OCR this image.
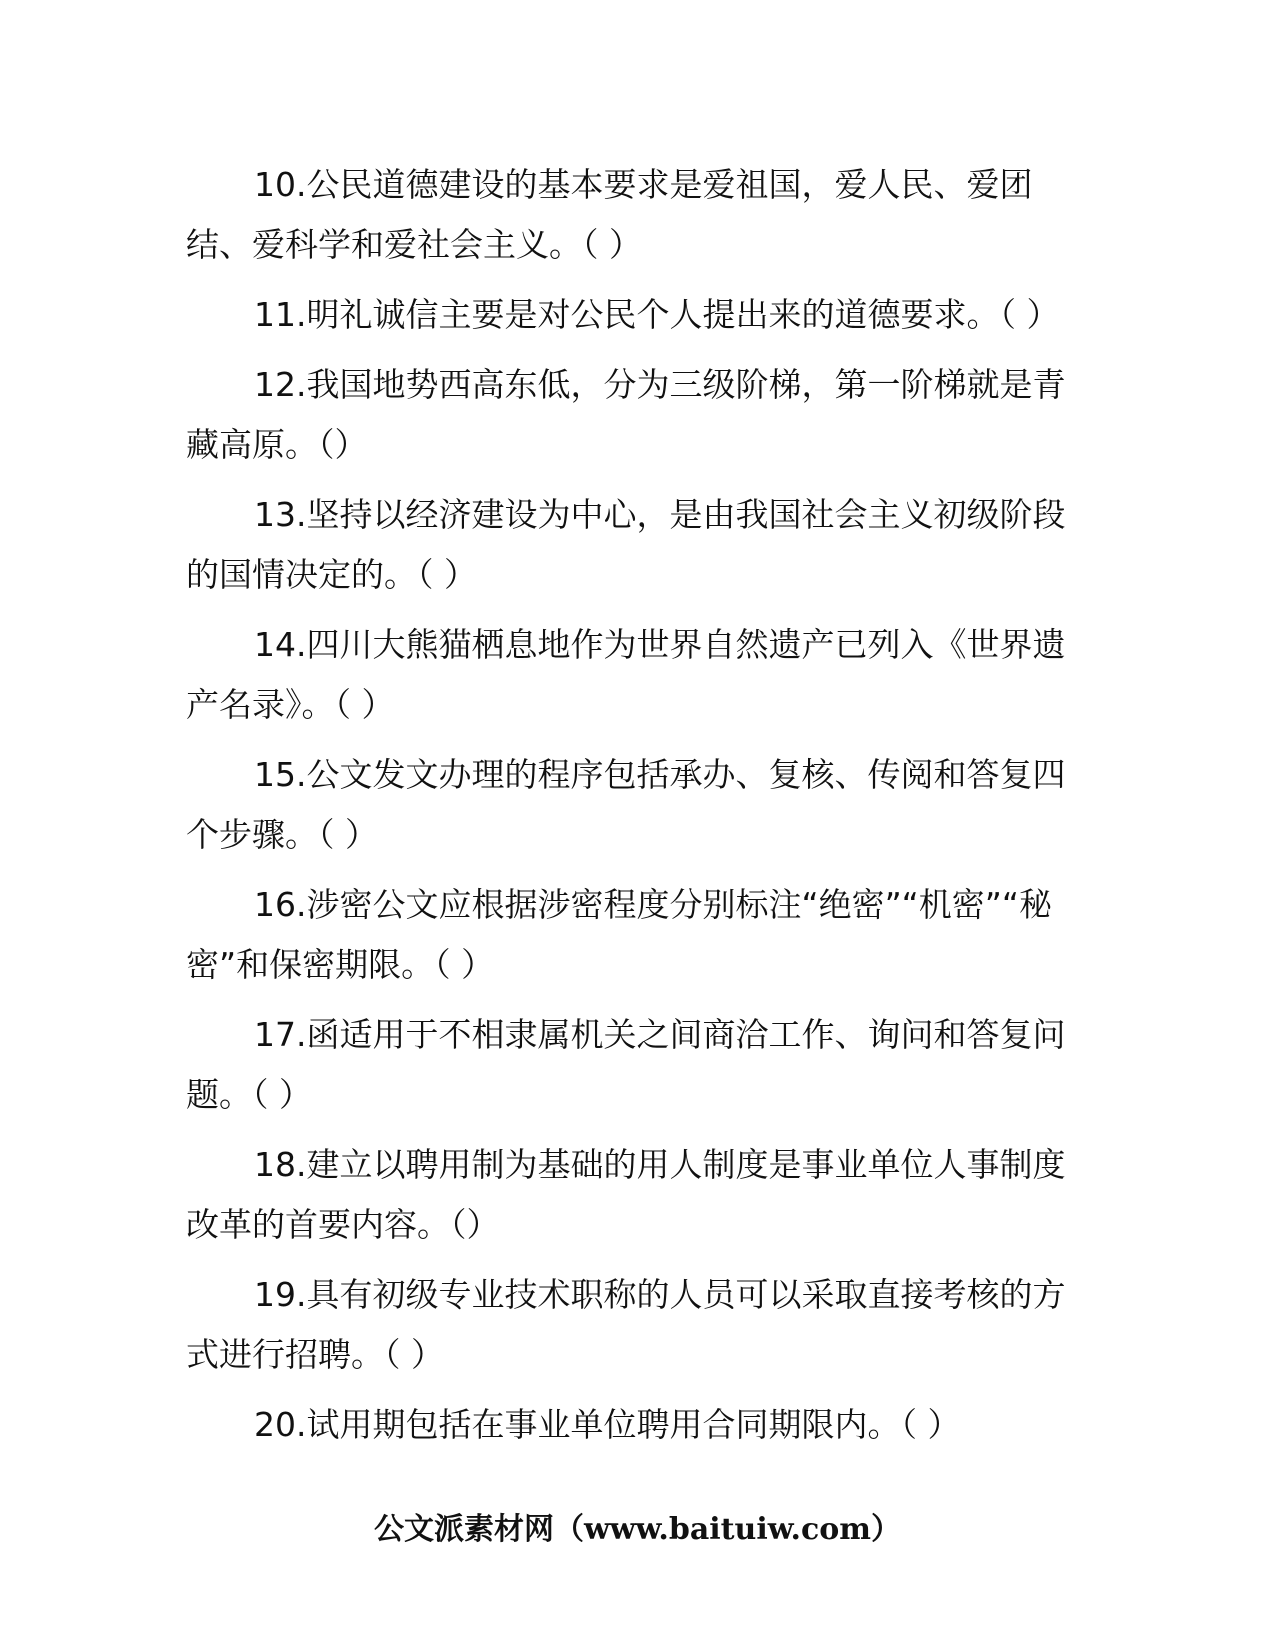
10.公民道德建设的基本要求是爱祖国，爱人民、爱团结、爱科学和爱社会主义。（ ）

11.明礼诚信主要是对公民个人提出来的道德要求。（ ）

12.我国地势西高东低，分为三级阶梯，第一阶梯就是青藏高原。（）

13.坚持以经济建设为中心，是由我国社会主义初级阶段的国情决定的。（ ）

14.四川大熊猫栖息地作为世界自然遗产已列入《世界遗产名录》。（ ）

15.公文发文办理的程序包括承办、复核、传阅和答复四个步骤。（ ）

16.涉密公文应根据涉密程度分别标注“绝密”“机密”“秘密”和保密期限。（ ）

17.函适用于不相隶属机关之间商洽工作、询问和答复问题。（ ）

18.建立以聘用制为基础的用人制度是事业单位人事制度改革的首要内容。（）

19.具有初级专业技术职称的人员可以采取直接考核的方式进行招聘。（ ）

20.试用期包括在事业单位聘用合同期限内。（ ）

公文派素材网（www.baituiw.com）
